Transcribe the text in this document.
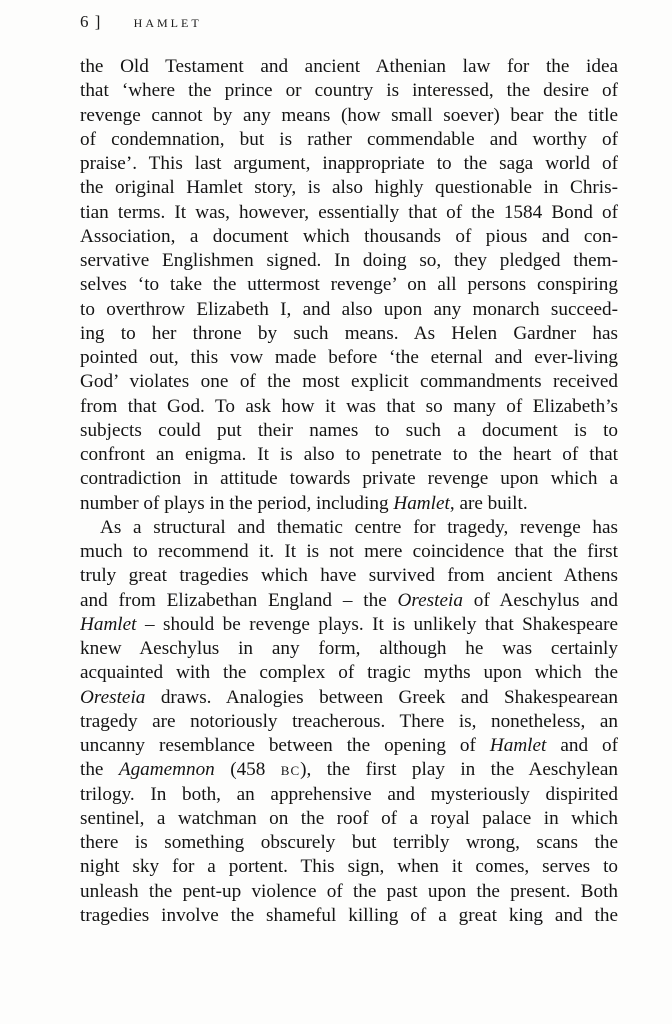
6 ]	HAMLET
the Old Testament and ancient Athenian law for the idea
that ‘where the prince or country is interessed, the desire of
revenge cannot by any means (how small soever) bear the title
of condemnation, but is rather commendable and worthy of
praise’. This last argument, inappropriate to the saga world of
the original Hamlet story, is also highly questionable in Chris-
tian terms. It was, however, essentially that of the 1584 Bond of
Association, a document which thousands of pious and con-
servative Englishmen signed. In doing so, they pledged them-
selves ‘to take the uttermost revenge’ on all persons conspiring
to overthrow Elizabeth I, and also upon any monarch succeed-
ing to her throne by such means. As Helen Gardner has
pointed out, this vow made before ‘the eternal and ever-living
God’ violates one of the most explicit commandments received
from that God. To ask how it was that so many of Elizabeth’s
subjects could put their names to such a document is to
confront an enigma. It is also to penetrate to the heart of that
contradiction in attitude towards private revenge upon which a
number of plays in the period, including Hamlet, are built.
As a structural and thematic centre for tragedy, revenge has
much to recommend it. It is not mere coincidence that the first
truly great tragedies which have survived from ancient Athens
and from Elizabethan England – the Oresteia of Aeschylus and
Hamlet – should be revenge plays. It is unlikely that Shakespeare
knew Aeschylus in any form, although he was certainly
acquainted with the complex of tragic myths upon which the
Oresteia draws. Analogies between Greek and Shakespearean
tragedy are notoriously treacherous. There is, nonetheless, an
uncanny resemblance between the opening of Hamlet and of
the Agamemnon (458 BC), the first play in the Aeschylean
trilogy. In both, an apprehensive and mysteriously dispirited
sentinel, a watchman on the roof of a royal palace in which
there is something obscurely but terribly wrong, scans the
night sky for a portent. This sign, when it comes, serves to
unleash the pent-up violence of the past upon the present. Both
tragedies involve the shameful killing of a great king and the
